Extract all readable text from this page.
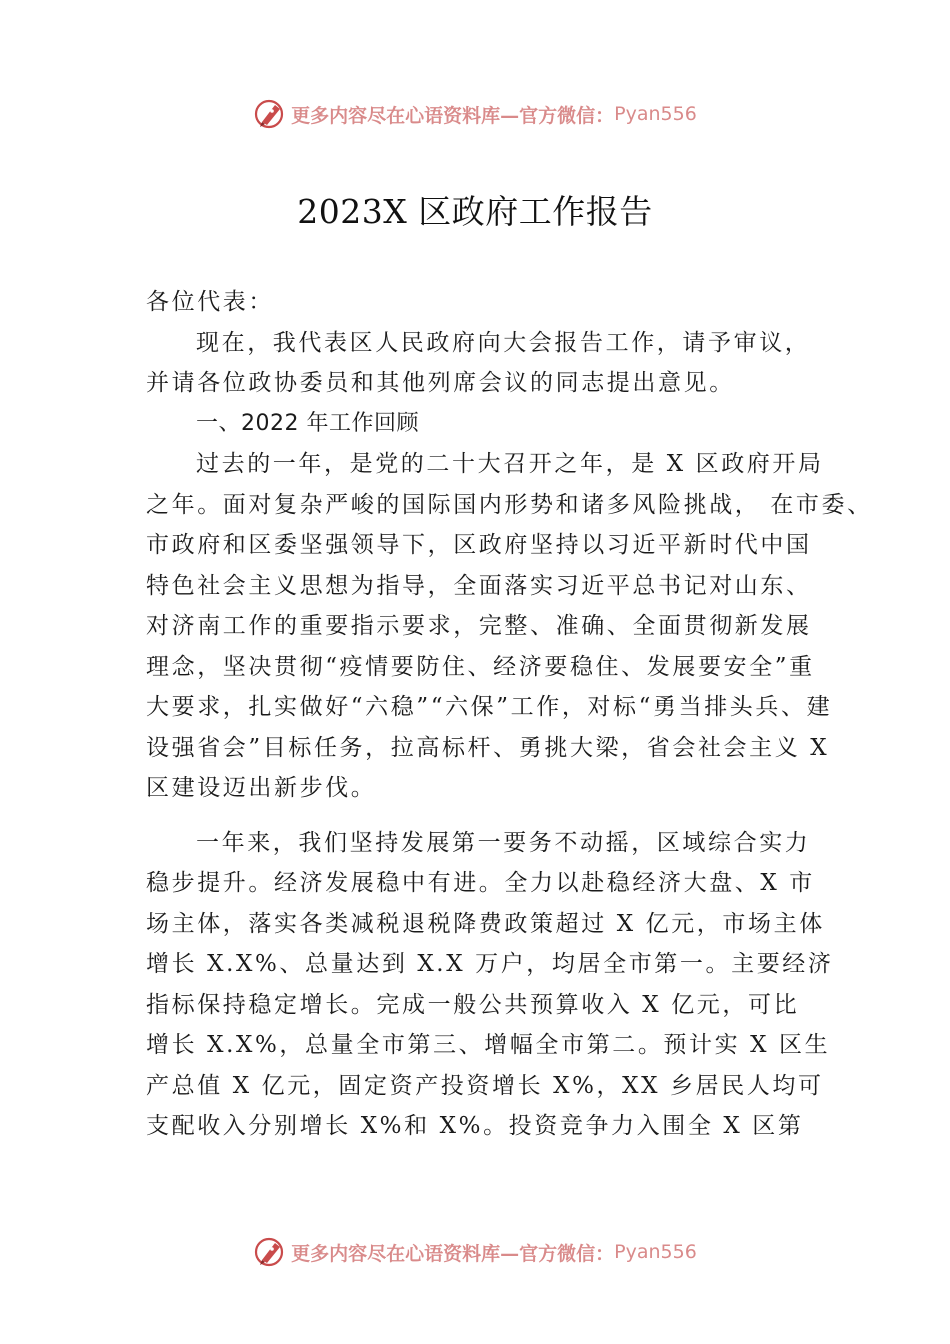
更多内容尽在心语资料库—官方微信： Pyan556
2023X 区政府工作报告
各位代表：
现在，我代表区人民政府向大会报告工作，请予审议，
并请各位政协委员和其他列席会议的同志提出意见。
一、2022 年工作回顾
过去的一年，是党的二十大召开之年，是 X 区政府开局
之年。面对复杂严峻的国际国内形势和诸多风险挑战， 在市委、
市政府和区委坚强领导下，区政府坚持以习近平新时代中国
特色社会主义思想为指导，全面落实习近平总书记对山东、
对济南工作的重要指示要求，完整、准确、全面贯彻新发展
理念，坚决贯彻“疫情要防住、经济要稳住、发展要安全”重
大要求，扎实做好“六稳”“六保”工作，对标“勇当排头兵、建
设强省会”目标任务，拉高标杆、勇挑大梁，省会社会主义 X
区建设迈出新步伐。
一年来，我们坚持发展第一要务不动摇，区域综合实力
稳步提升。经济发展稳中有进。全力以赴稳经济大盘、X 市
场主体，落实各类减税退税降费政策超过 X 亿元，市场主体
增长 X.X%、总量达到 X.X 万户，均居全市第一。主要经济
指标保持稳定增长。完成一般公共预算收入 X 亿元，可比
增长 X.X%，总量全市第三、增幅全市第二。预计实 X 区生
产总值 X 亿元，固定资产投资增长 X%，XX 乡居民人均可
支配收入分别增长 X%和 X%。投资竞争力入围全 X 区第
更多内容尽在心语资料库—官方微信： Pyan556
